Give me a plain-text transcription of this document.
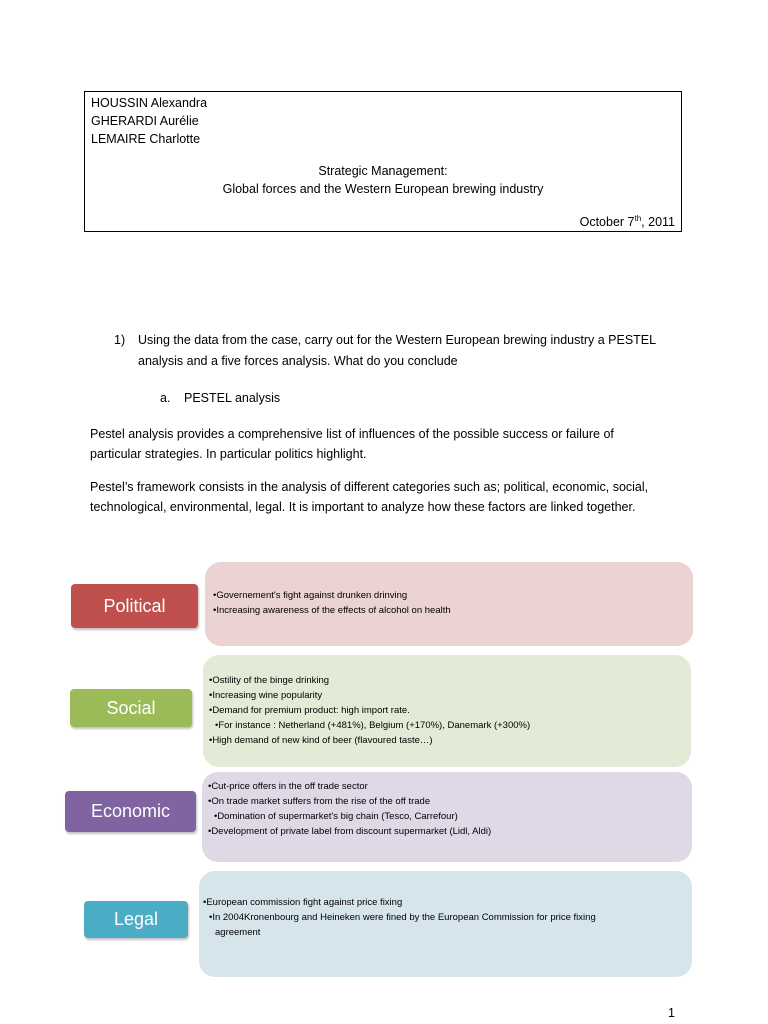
HOUSSIN Alexandra
GHERARDI Aurélie
LEMAIRE Charlotte
Strategic Management:
Global forces and the Western European brewing industry
October 7th, 2011
1) Using the data from the case, carry out for the Western European brewing industry a PESTEL
analysis and a five forces analysis. What do you conclude
a. PESTEL analysis
Pestel analysis provides a comprehensive list of influences of the possible success or failure of
particular strategies. In particular politics highlight.
Pestel’s framework consists in the analysis of different categories such as; political, economic, social,
technological, environmental, legal. It is important to analyze how these factors are linked together.
•Governement's fight against drunken drinving
•Increasing awareness of the effects of alcohol on health
Political
•Ostility of the binge drinking
•Increasing wine popularity
•Demand for premium product: high import rate.
•For instance : Netherland (+481%), Belgium (+170%), Danemark (+300%)
•High demand of new kind of beer (flavoured taste…)
Social
•Cut-price offers in the off trade sector
•On trade market suffers from the rise of the off trade
•Domination of supermarket's big chain (Tesco, Carrefour)
•Development of private label from discount supermarket (Lidl, Aldi)
Economic
•European commission fight against price fixing
•In 2004Kronenbourg and Heineken were fined by the European Commission for price fixing
agreement
Legal
1
